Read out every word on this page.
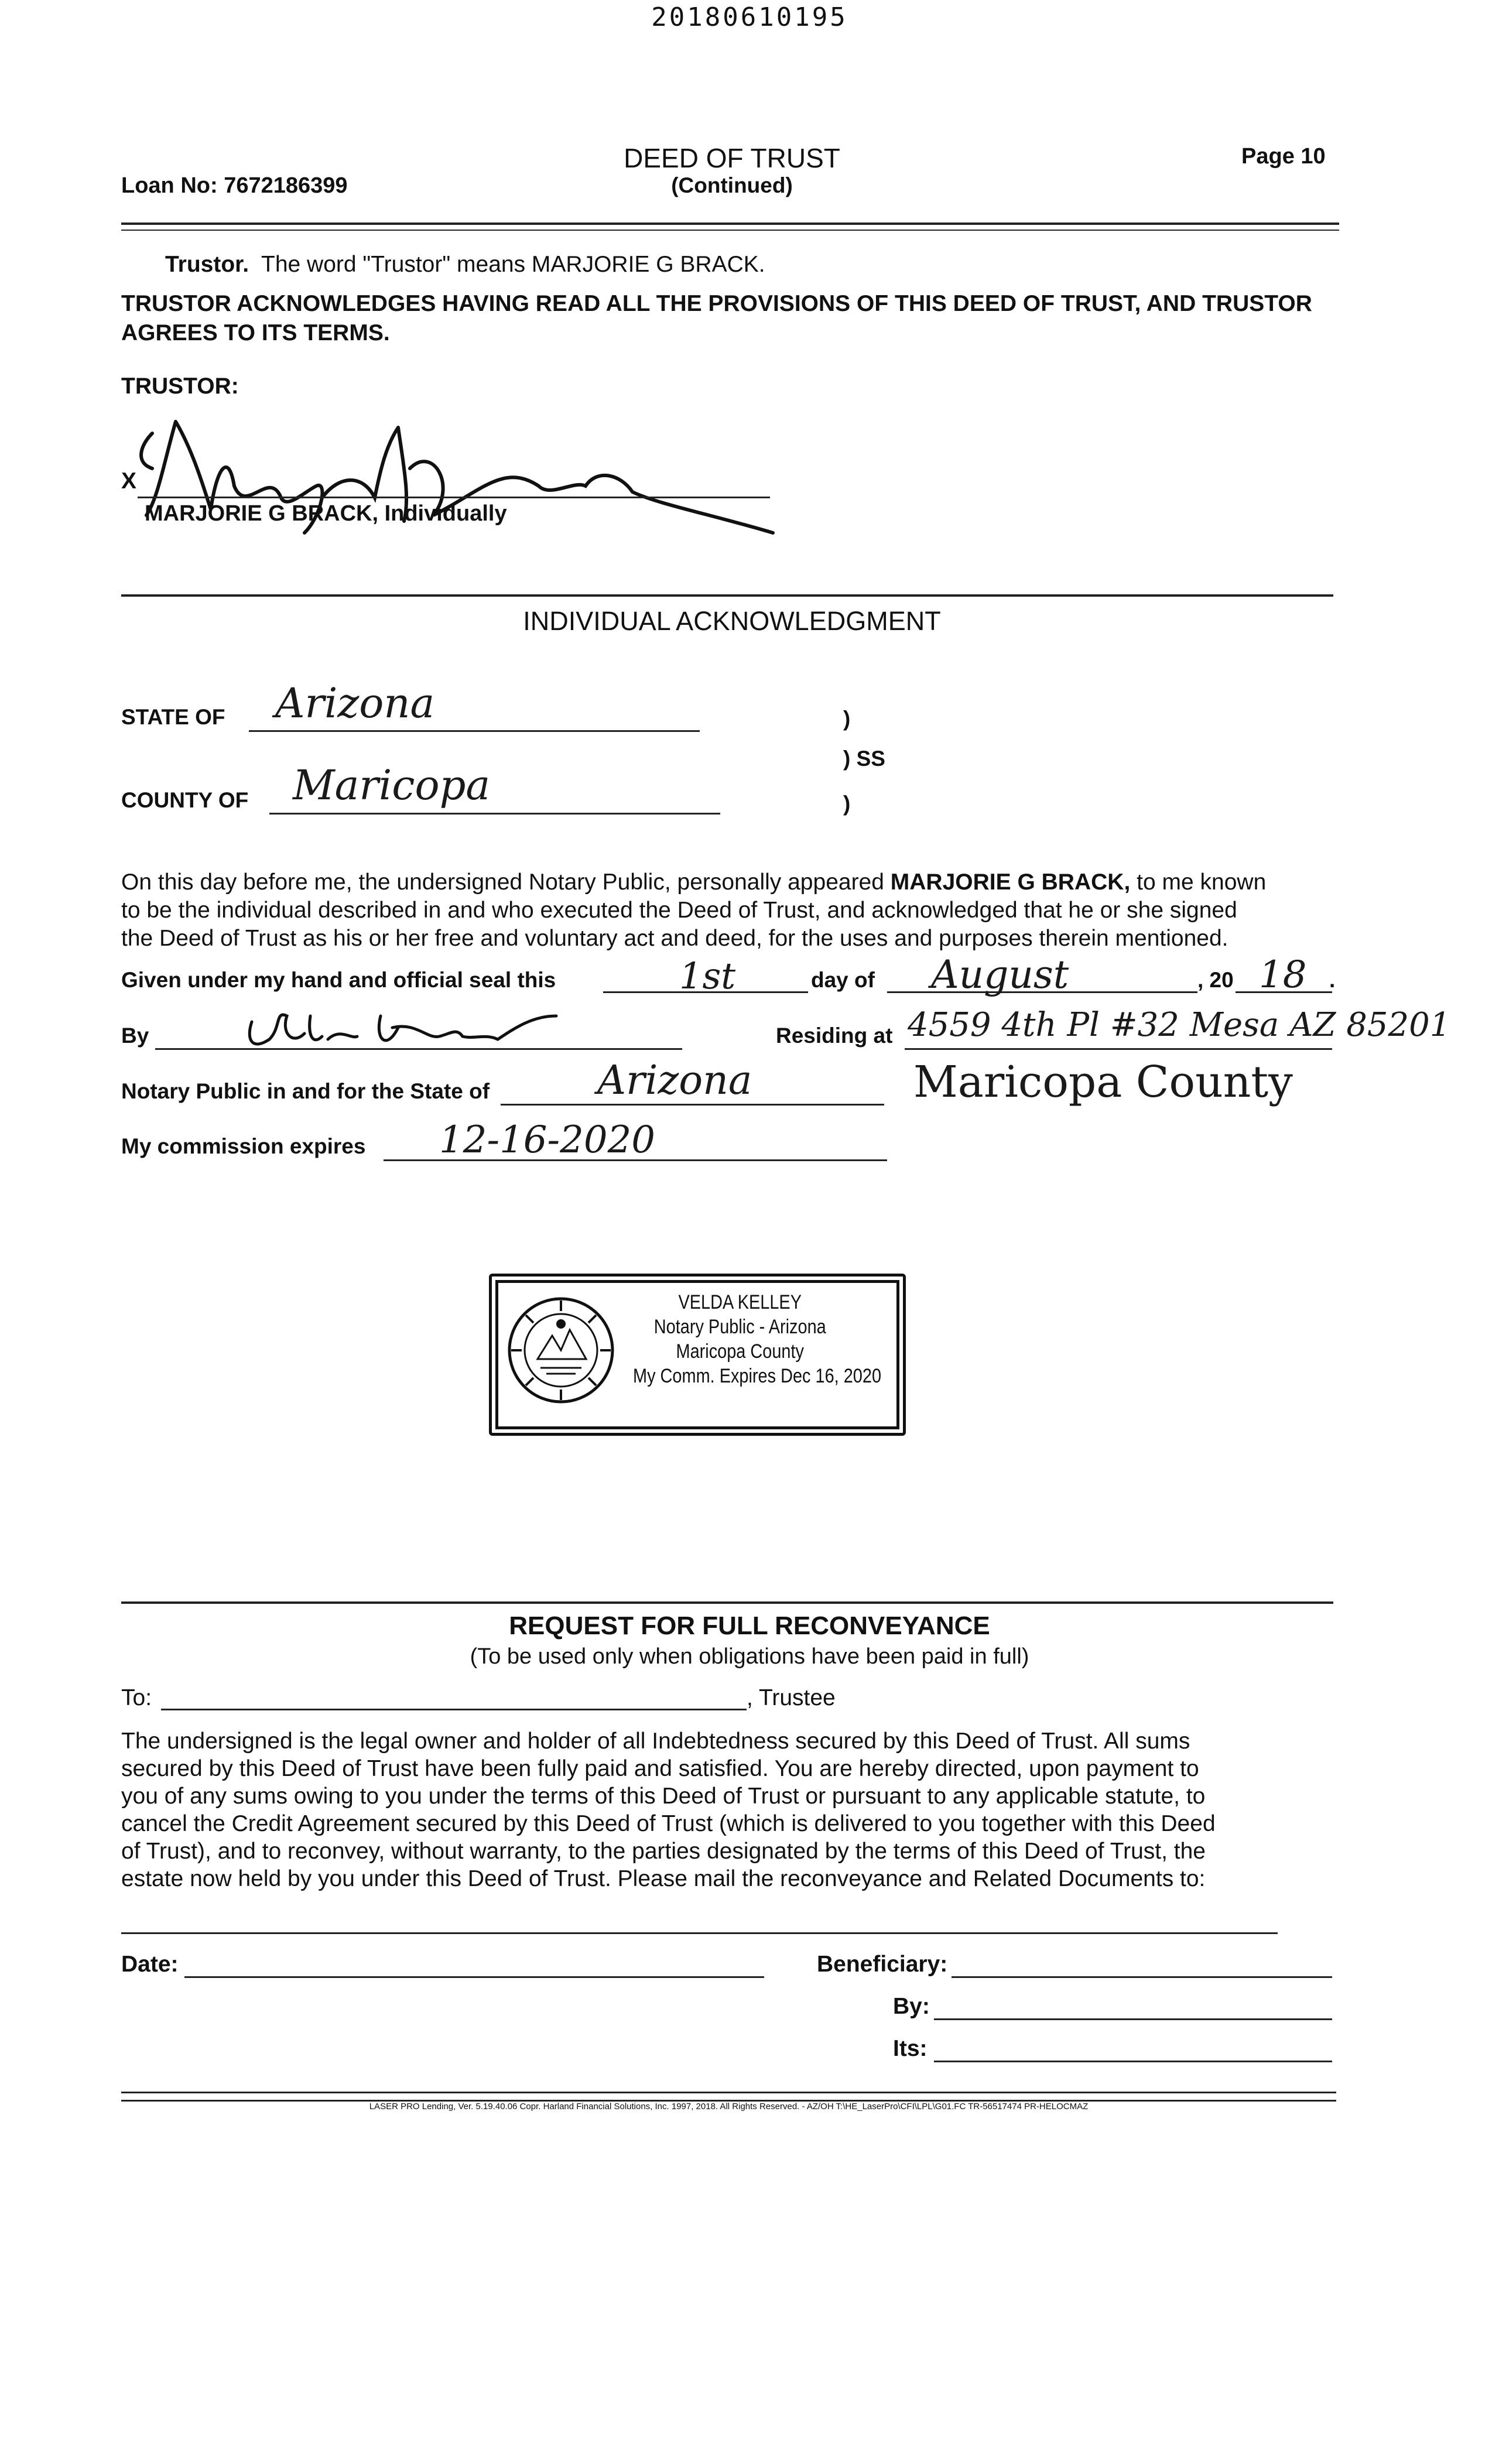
20180610195
Loan No: 7672186399
DEED OF TRUST
(Continued)
Page 10
Trustor. The word "Trustor" means MARJORIE G BRACK.
TRUSTOR ACKNOWLEDGES HAVING READ ALL THE PROVISIONS OF THIS DEED OF TRUST, AND TRUSTOR
AGREES TO ITS TERMS.
TRUSTOR:
X
MARJORIE G BRACK, Individually
INDIVIDUAL ACKNOWLEDGMENT
STATE OF Arizona
COUNTY OF Maricopa
)
) SS
)
On this day before me, the undersigned Notary Public, personally appeared MARJORIE G BRACK, to me known
to be the individual described in and who executed the Deed of Trust, and acknowledged that he or she signed
the Deed of Trust as his or her free and voluntary act and deed, for the uses and purposes therein mentioned.
Given under my hand and official seal this	1st	day of August	, 20 18 .
By	Residing at 4559 4th Pl #32 Mesa AZ 85201
Notary Public in and for the State of	Arizona	Maricopa County
My commission expires 12-16-2020
VELDA KELLEY
Notary Public - Arizona
Maricopa County
My Comm. Expires Dec 16, 2020
REQUEST FOR FULL RECONVEYANCE
(To be used only when obligations have been paid in full)
To:	, Trustee
The undersigned is the legal owner and holder of all Indebtedness secured by this Deed of Trust. All sums
secured by this Deed of Trust have been fully paid and satisfied. You are hereby directed, upon payment to
you of any sums owing to you under the terms of this Deed of Trust or pursuant to any applicable statute, to
cancel the Credit Agreement secured by this Deed of Trust (which is delivered to you together with this Deed
of Trust), and to reconvey, without warranty, to the parties designated by the terms of this Deed of Trust, the
estate now held by you under this Deed of Trust. Please mail the reconveyance and Related Documents to:
Date:	Beneficiary:
By:
Its:
LASER PRO Lending, Ver. 5.19.40.06 Copr. Harland Financial Solutions, Inc. 1997, 2018. All Rights Reserved. - AZ/OH T:\HE_LaserPro\CFI\LPL\G01.FC TR-56517474 PR-HELOCMAZ
